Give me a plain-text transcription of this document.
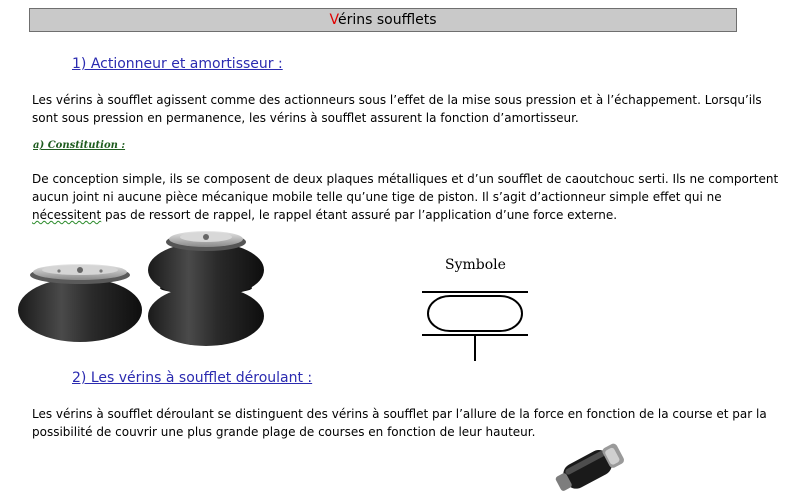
Vérins soufflets
1) Actionneur et amortisseur :
Les vérins à soufflet agissent comme des actionneurs sous l’effet de la mise sous pression et à l’échappement. Lorsqu’ils sont sous pression en permanence, les vérins à soufflet assurent la fonction d’amortisseur.
a) Constitution :
De conception simple, ils se composent de deux plaques métalliques et d’un soufflet de caoutchouc serti. Ils ne comportent aucun joint ni aucune pièce mécanique mobile telle qu’une tige de piston. Il s’agit d’actionneur simple effet qui ne nécessitent pas de ressort de rappel, le rappel étant assuré par l’application d’une force externe.
Symbole
2) Les vérins à soufflet déroulant :
Les vérins à soufflet déroulant se distinguent des vérins à soufflet par l’allure de la force en fonction de la course et par la possibilité de couvrir une plus grande plage de courses en fonction de leur hauteur.
